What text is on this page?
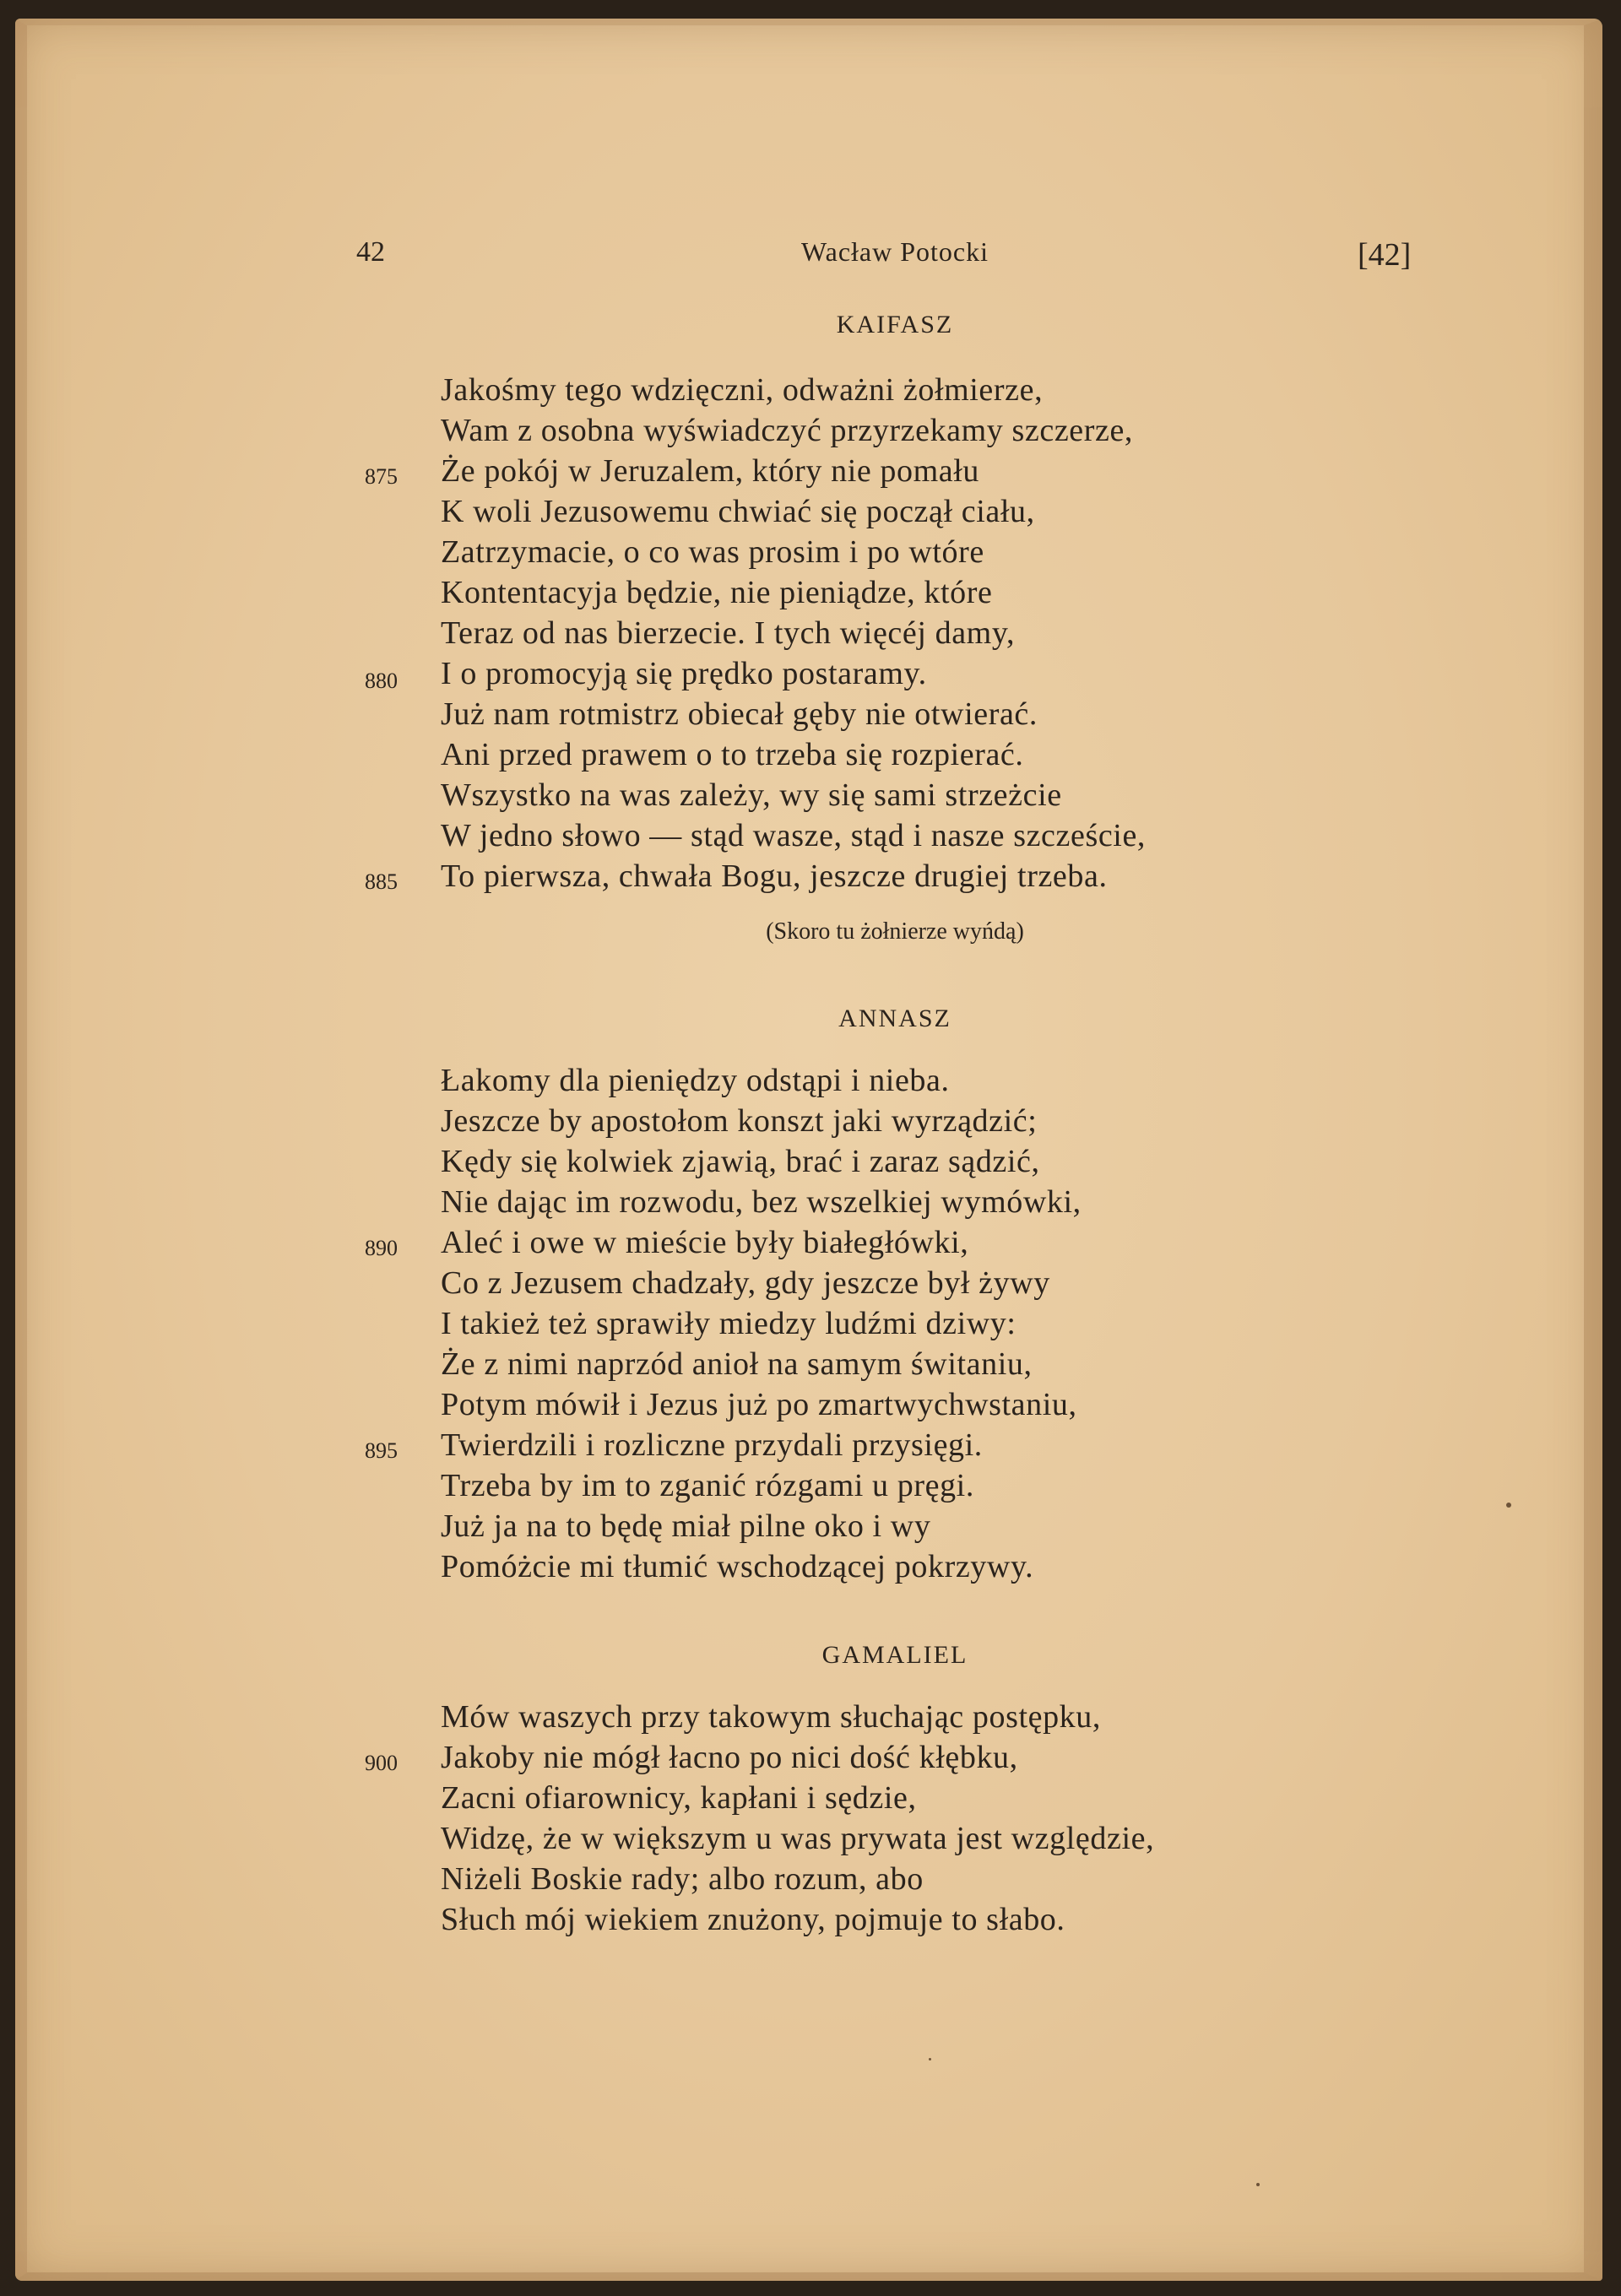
42	Wacław Potocki	[42]
KAIFASZ
Jakośmy tego wdzięczni, odważni żołmierze,
Wam z osobna wyświadczyć przyrzekamy szczerze,
875 Że pokój w Jeruzalem, który nie pomału
K woli Jezusowemu chwiać się począł ciału,
Zatrzymacie, o co was prosim i po wtóre
Kontentacyja będzie, nie pieniądze, które
Teraz od nas bierzecie. I tych więcéj damy,
880 I o promocyją się prędko postaramy.
Już nam rotmistrz obiecał gęby nie otwierać.
Ani przed prawem o to trzeba się rozpierać.
Wszystko na was zależy, wy się sami strzeżcie
W jedno słowo — stąd wasze, stąd i nasze szczeście,
885 To pierwsza, chwała Bogu, jeszcze drugiej trzeba.
(Skoro tu żołnierze wyńdą)
ANNASZ
Łakomy dla pieniędzy odstąpi i nieba.
Jeszcze by apostołom konszt jaki wyrządzić;
Kędy się kolwiek zjawią, brać i zaraz sądzić,
Nie dając im rozwodu, bez wszelkiej wymówki,
890 Aleć i owe w mieście były białegłówki,
Co z Jezusem chadzały, gdy jeszcze był żywy
I takież też sprawiły miedzy ludźmi dziwy:
Że z nimi naprzód anioł na samym świtaniu,
Potym mówił i Jezus już po zmartwychwstaniu,
895 Twierdzili i rozliczne przydali przysięgi.
Trzeba by im to zganić rózgami u pręgi.
Już ja na to będę miał pilne oko i wy
Pomóżcie mi tłumić wschodzącej pokrzywy.
GAMALIEL
Mów waszych przy takowym słuchając postępku,
900 Jakoby nie mógł łacno po nici dość kłębku,
Zacni ofiarownicy, kapłani i sędzie,
Widzę, że w większym u was prywata jest względzie,
Niżeli Boskie rady; albo rozum, abo
Słuch mój wiekiem znużony, pojmuje to słabo.
